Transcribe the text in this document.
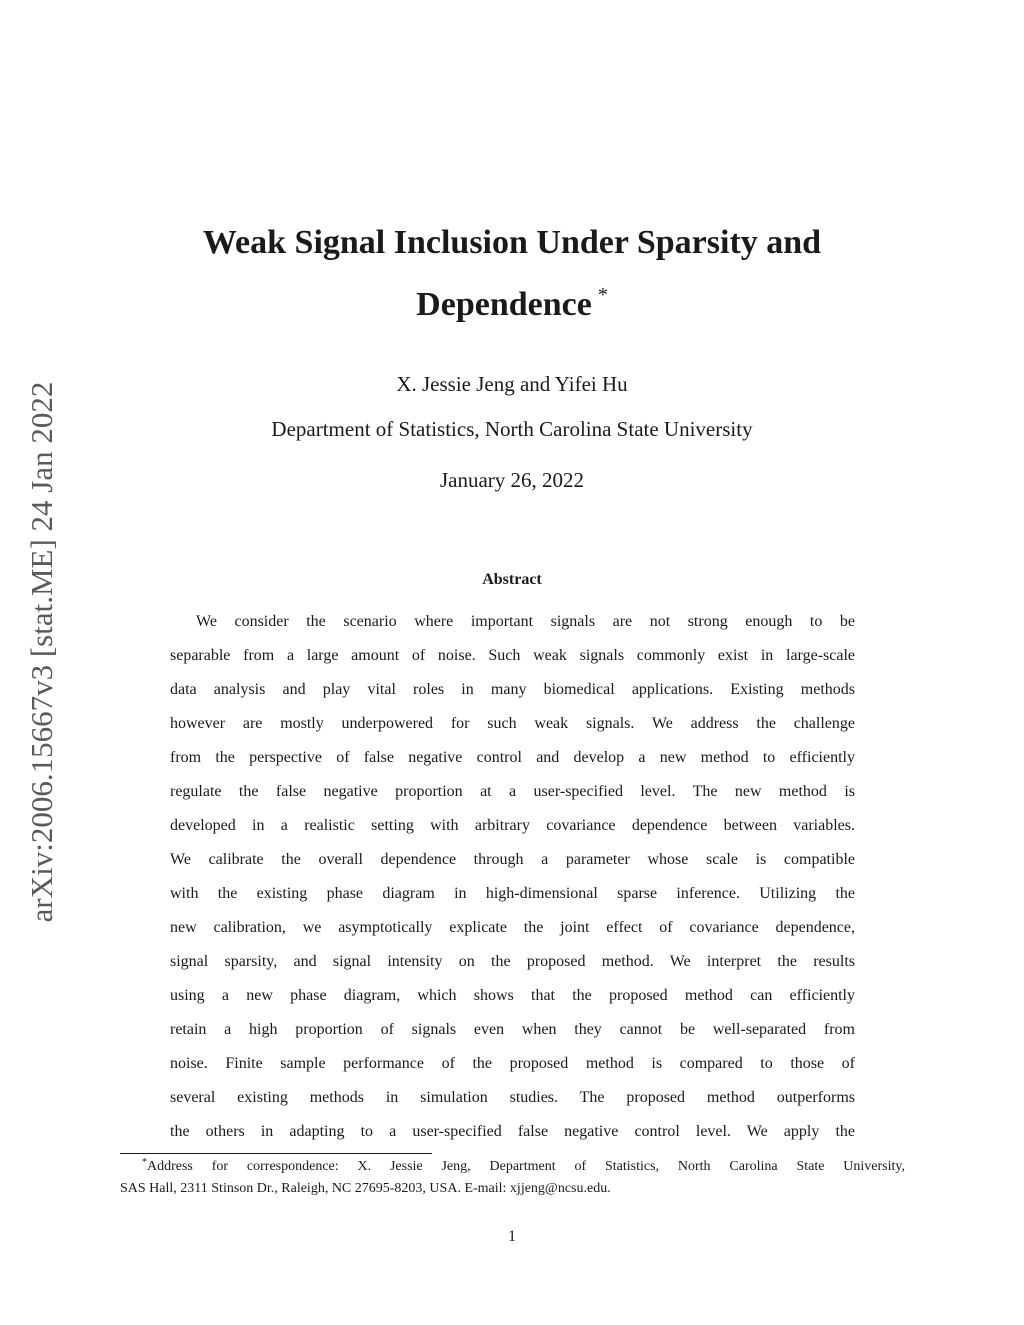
arXiv:2006.15667v3 [stat.ME] 24 Jan 2022
Weak Signal Inclusion Under Sparsity and
Dependence *
X. Jessie Jeng and Yifei Hu
Department of Statistics, North Carolina State University
January 26, 2022
Abstract
We consider the scenario where important signals are not strong enough to be
separable from a large amount of noise. Such weak signals commonly exist in large-scale
data analysis and play vital roles in many biomedical applications. Existing methods
however are mostly underpowered for such weak signals. We address the challenge
from the perspective of false negative control and develop a new method to efficiently
regulate the false negative proportion at a user-specified level. The new method is
developed in a realistic setting with arbitrary covariance dependence between variables.
We calibrate the overall dependence through a parameter whose scale is compatible
with the existing phase diagram in high-dimensional sparse inference. Utilizing the
new calibration, we asymptotically explicate the joint effect of covariance dependence,
signal sparsity, and signal intensity on the proposed method. We interpret the results
using a new phase diagram, which shows that the proposed method can efficiently
retain a high proportion of signals even when they cannot be well-separated from
noise. Finite sample performance of the proposed method is compared to those of
several existing methods in simulation studies. The proposed method outperforms
the others in adapting to a user-specified false negative control level. We apply the
*Address for correspondence: X. Jessie Jeng, Department of Statistics, North Carolina State University,
SAS Hall, 2311 Stinson Dr., Raleigh, NC 27695-8203, USA. E-mail: xjjeng@ncsu.edu.
1
